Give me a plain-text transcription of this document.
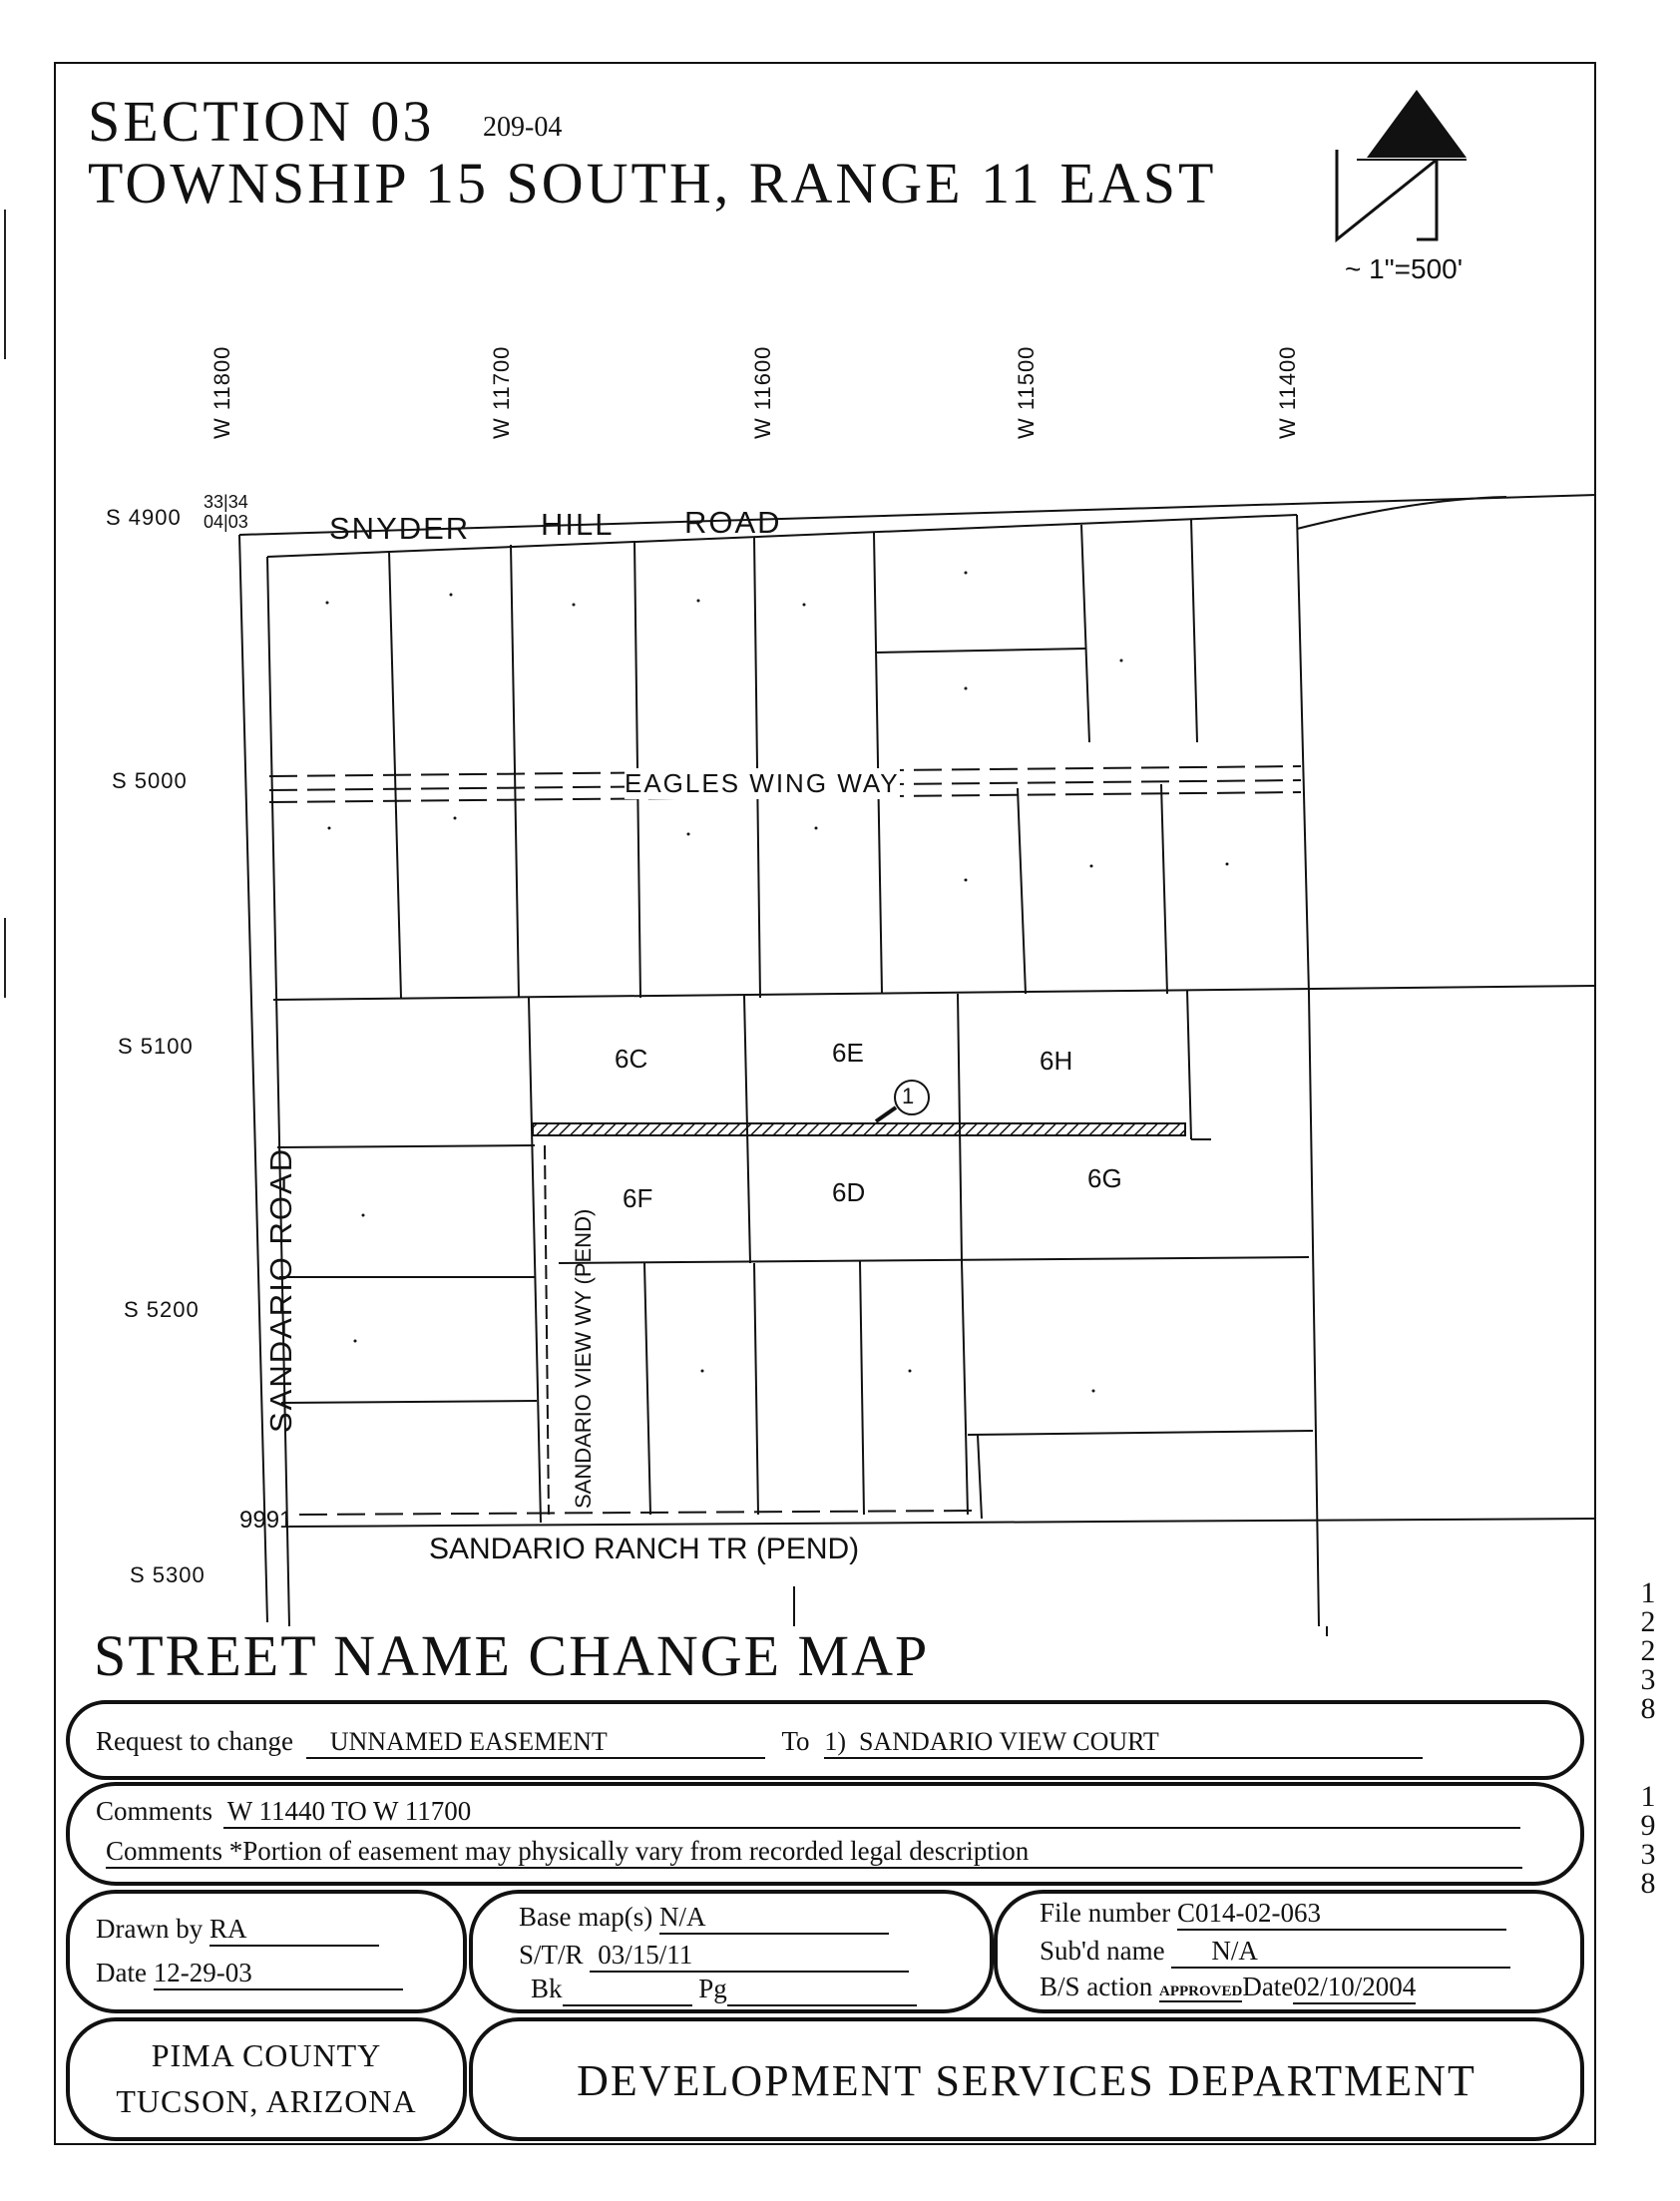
SECTION 03 209-04
TOWNSHIP 15 SOUTH, RANGE 11 EAST
~ 1"=500'
W 11800	W 11700	W 11600	W 11500	W 11400
S 4900
S 5000
S 5100
S 5200
S 5300
33|34
04|03
1
SNYDER HILL ROAD
EAGLES WING WAY
SANDARIO ROAD	SANDARIO VIEW WY (PEND)
SANDARIO RANCH TR (PEND)
9991
6C	6E	6H
6F	6D	6G
STREET NAME CHANGE MAP
Request to change UNNAMED EASEMENT	To 1)  SANDARIO VIEW COURT
Comments W 11440 TO W 11700
Comments *Portion of easement may physically vary from recorded legal description
Drawn by RA
Date 12-29-03
Base map(s) N/A
S/T/R 03/15/11
Bk	Pg
File number C014-02-063
Sub'd name N/A
B/S action APPROVEDDate02/10/2004
PIMA COUNTY
TUCSON, ARIZONA	DEVELOPMENT SERVICES DEPARTMENT
1
2
2
3
8
1
9
3
8
